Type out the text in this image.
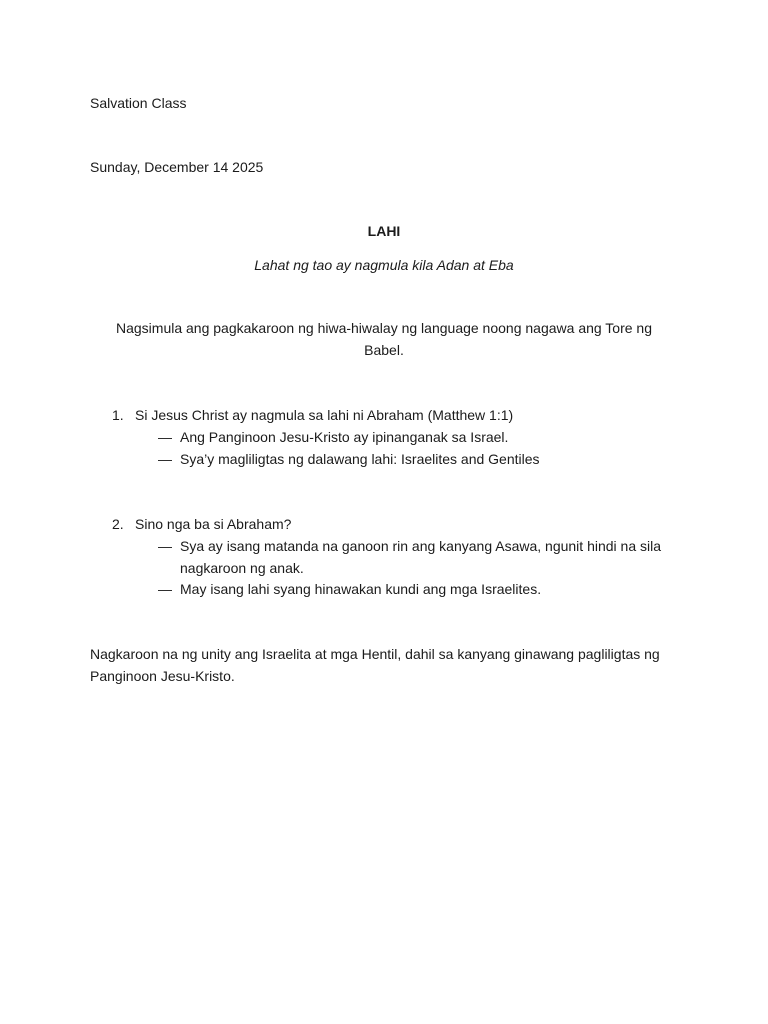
Salvation Class
Sunday, December 14 2025
LAHI
Lahat ng tao ay nagmula kila Adan at Eba
Nagsimula ang pagkakaroon ng hiwa-hiwalay ng language noong nagawa ang Tore ng Babel.
1. Si Jesus Christ ay nagmula sa lahi ni Abraham (Matthew 1:1)
— Ang Panginoon Jesu-Kristo ay ipinanganak sa Israel.
— Sya’y magliligtas ng dalawang lahi: Israelites and Gentiles
2. Sino nga ba si Abraham?
— Sya ay isang matanda na ganoon rin ang kanyang Asawa, ngunit hindi na sila nagkaroon ng anak.
— May isang lahi syang hinawakan kundi ang mga Israelites.
Nagkaroon na ng unity ang Israelita at mga Hentil, dahil sa kanyang ginawang pagliligtas ng Panginoon Jesu-Kristo.
